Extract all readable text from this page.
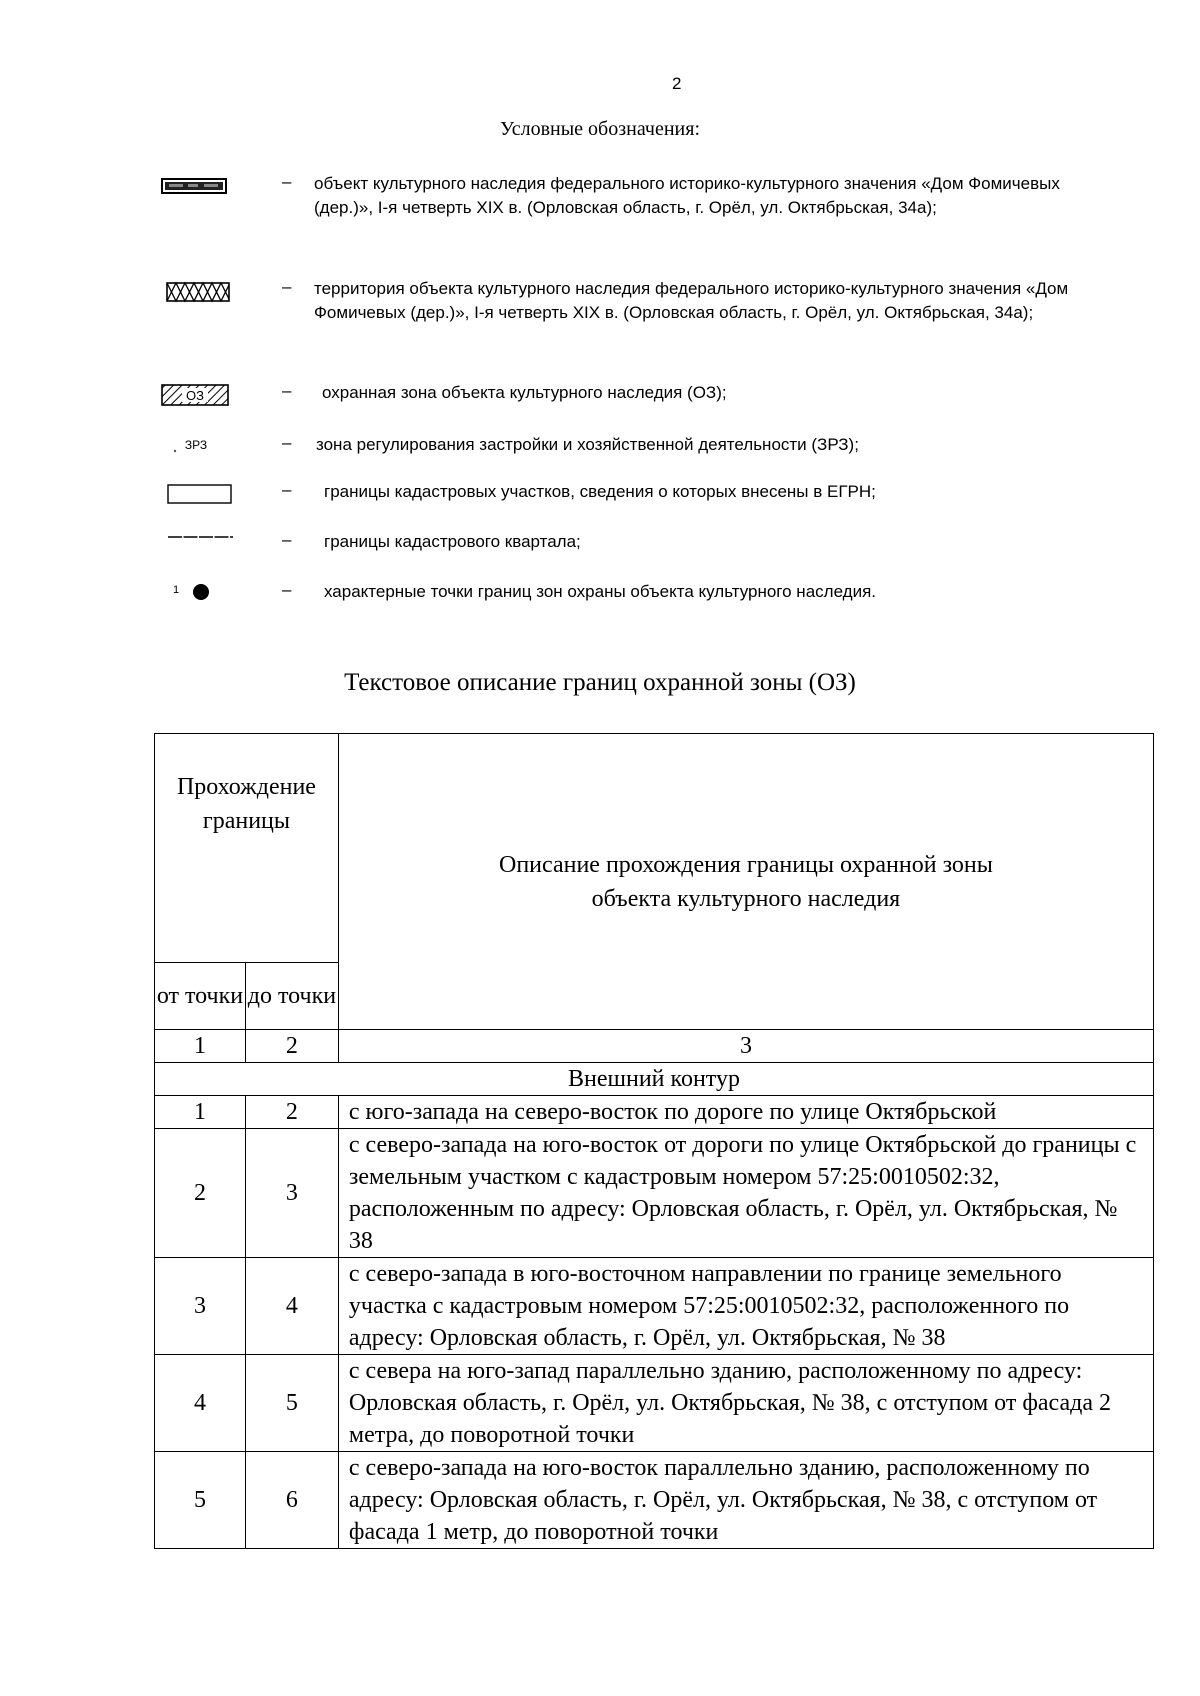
2
Условные обозначения:
– объект культурного наследия федерального историко-культурного значения «Дом Фомичевых (дер.)», I-я четверть XIX в. (Орловская область, г. Орёл, ул. Октябрьская, 34а);
– территория объекта культурного наследия федерального историко-культурного значения «Дом Фомичевых (дер.)», I-я четверть XIX в. (Орловская область, г. Орёл, ул. Октябрьская, 34а);
ОЗ	– охранная зона объекта культурного наследия (ОЗ);
ЗРЗ	– зона регулирования застройки и хозяйственной деятельности (ЗРЗ);
– границы кадастровых участков, сведения о которых внесены в ЕГРН;
– границы кадастрового квартала;
1	– характерные точки границ зон охраны объекта культурного наследия.
Текстовое описание границ охранной зоны (ОЗ)
Прохождение границы		Описание прохождения границы охранной зоны объекта культурного наследия
от точки	до точки	
1	2	3
Внешний контур		
1	2	с юго-запада на северо-восток по дороге по улице Октябрьской
2	3	с северо-запада на юго-восток от дороги по улице Октябрьской до границы с земельным участком с кадастровым номером 57:25:0010502:32, расположенным по адресу: Орловская область, г. Орёл, ул. Октябрьская, № 38
3	4	с северо-запада в юго-восточном направлении по границе земельного участка с кадастровым номером 57:25:0010502:32, расположенного по адресу: Орловская область, г. Орёл, ул. Октябрьская, № 38
4	5	с севера на юго-запад параллельно зданию, расположенному по адресу: Орловская область, г. Орёл, ул. Октябрьская, № 38, с отступом от фасада 2 метра, до поворотной точки
5	6	с северо-запада на юго-восток параллельно зданию, расположенному по адресу: Орловская область, г. Орёл, ул. Октябрьская, № 38, с отступом от фасада 1 метр, до поворотной точки
